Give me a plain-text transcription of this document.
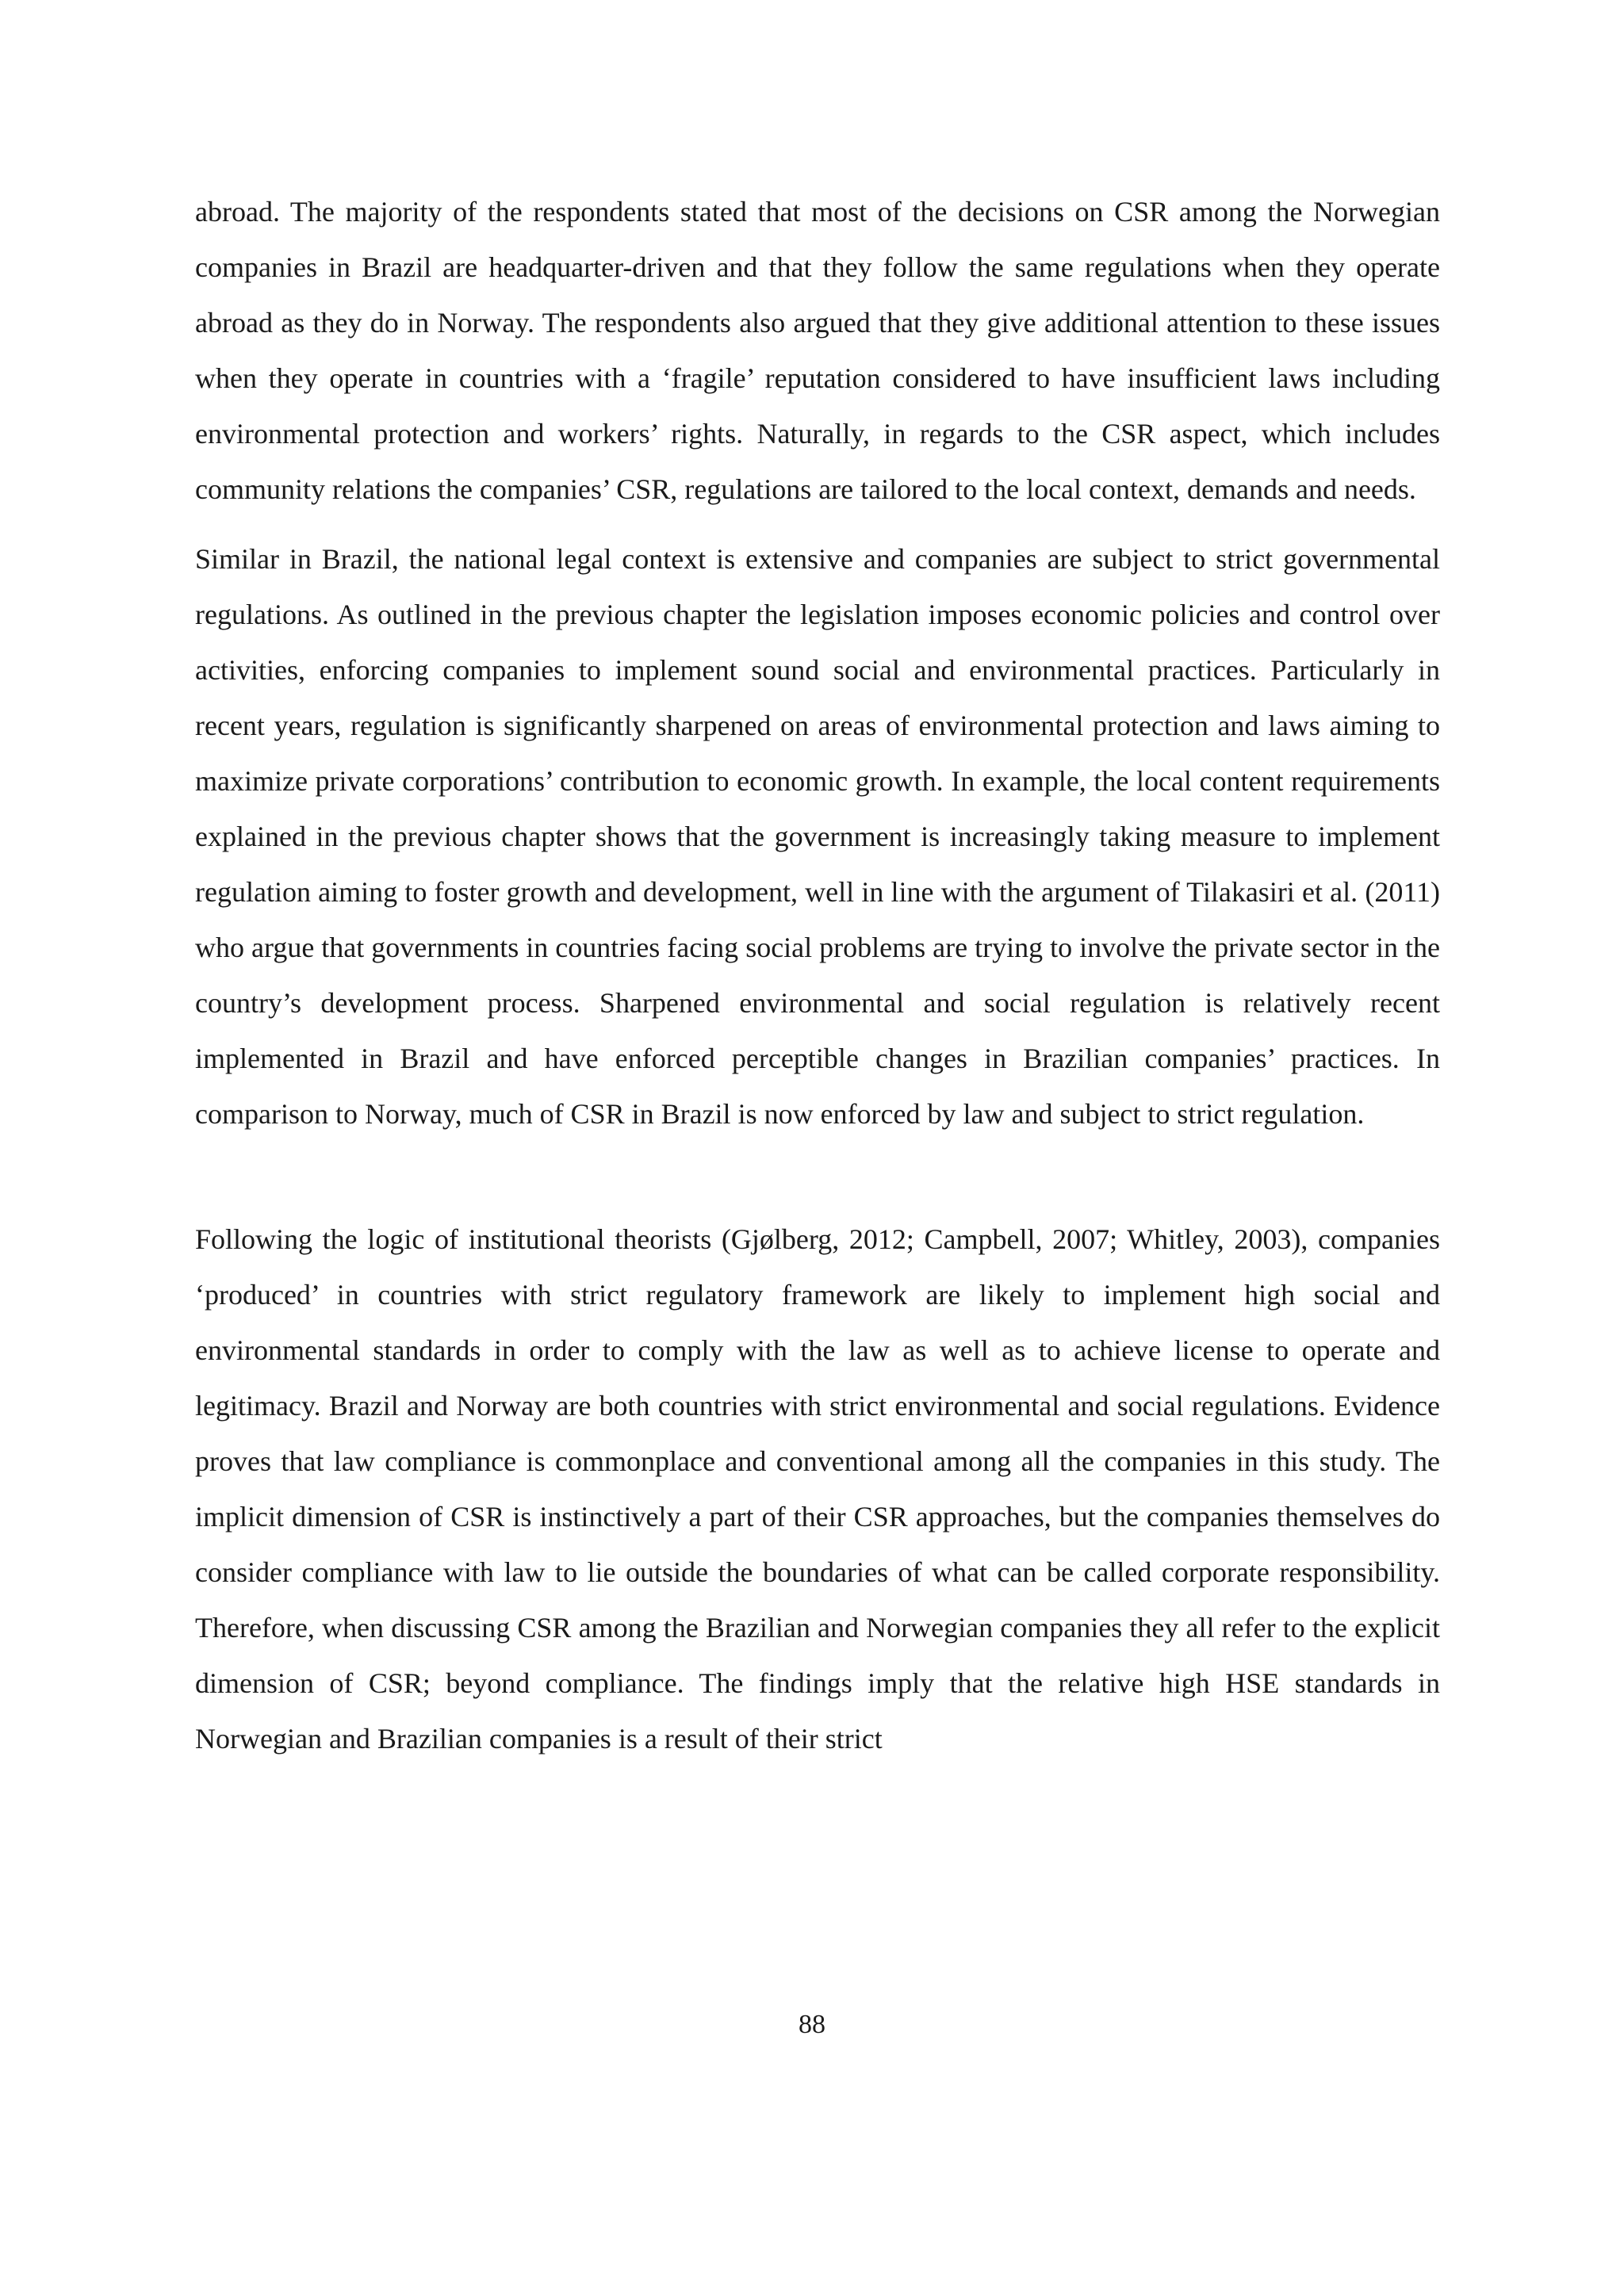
abroad. The majority of the respondents stated that most of the decisions on CSR among the Norwegian companies in Brazil are headquarter-driven and that they follow the same regulations when they operate abroad as they do in Norway. The respondents also argued that they give additional attention to these issues when they operate in countries with a ‘fragile’ reputation considered to have insufficient laws including environmental protection and workers’ rights. Naturally, in regards to the CSR aspect, which includes community relations the companies’ CSR, regulations are tailored to the local context, demands and needs.

Similar in Brazil, the national legal context is extensive and companies are subject to strict governmental regulations. As outlined in the previous chapter the legislation imposes economic policies and control over activities, enforcing companies to implement sound social and environmental practices. Particularly in recent years, regulation is significantly sharpened on areas of environmental protection and laws aiming to maximize private corporations’ contribution to economic growth. In example, the local content requirements explained in the previous chapter shows that the government is increasingly taking measure to implement regulation aiming to foster growth and development, well in line with the argument of Tilakasiri et al. (2011) who argue that governments in countries facing social problems are trying to involve the private sector in the country’s development process. Sharpened environmental and social regulation is relatively recent implemented in Brazil and have enforced perceptible changes in Brazilian companies’ practices. In comparison to Norway, much of CSR in Brazil is now enforced by law and subject to strict regulation.

Following the logic of institutional theorists (Gjølberg, 2012; Campbell, 2007; Whitley, 2003), companies ‘produced’ in countries with strict regulatory framework are likely to implement high social and environmental standards in order to comply with the law as well as to achieve license to operate and legitimacy. Brazil and Norway are both countries with strict environmental and social regulations. Evidence proves that law compliance is commonplace and conventional among all the companies in this study. The implicit dimension of CSR is instinctively a part of their CSR approaches, but the companies themselves do consider compliance with law to lie outside the boundaries of what can be called corporate responsibility. Therefore, when discussing CSR among the Brazilian and Norwegian companies they all refer to the explicit dimension of CSR; beyond compliance. The findings imply that the relative high HSE standards in Norwegian and Brazilian companies is a result of their strict

88
